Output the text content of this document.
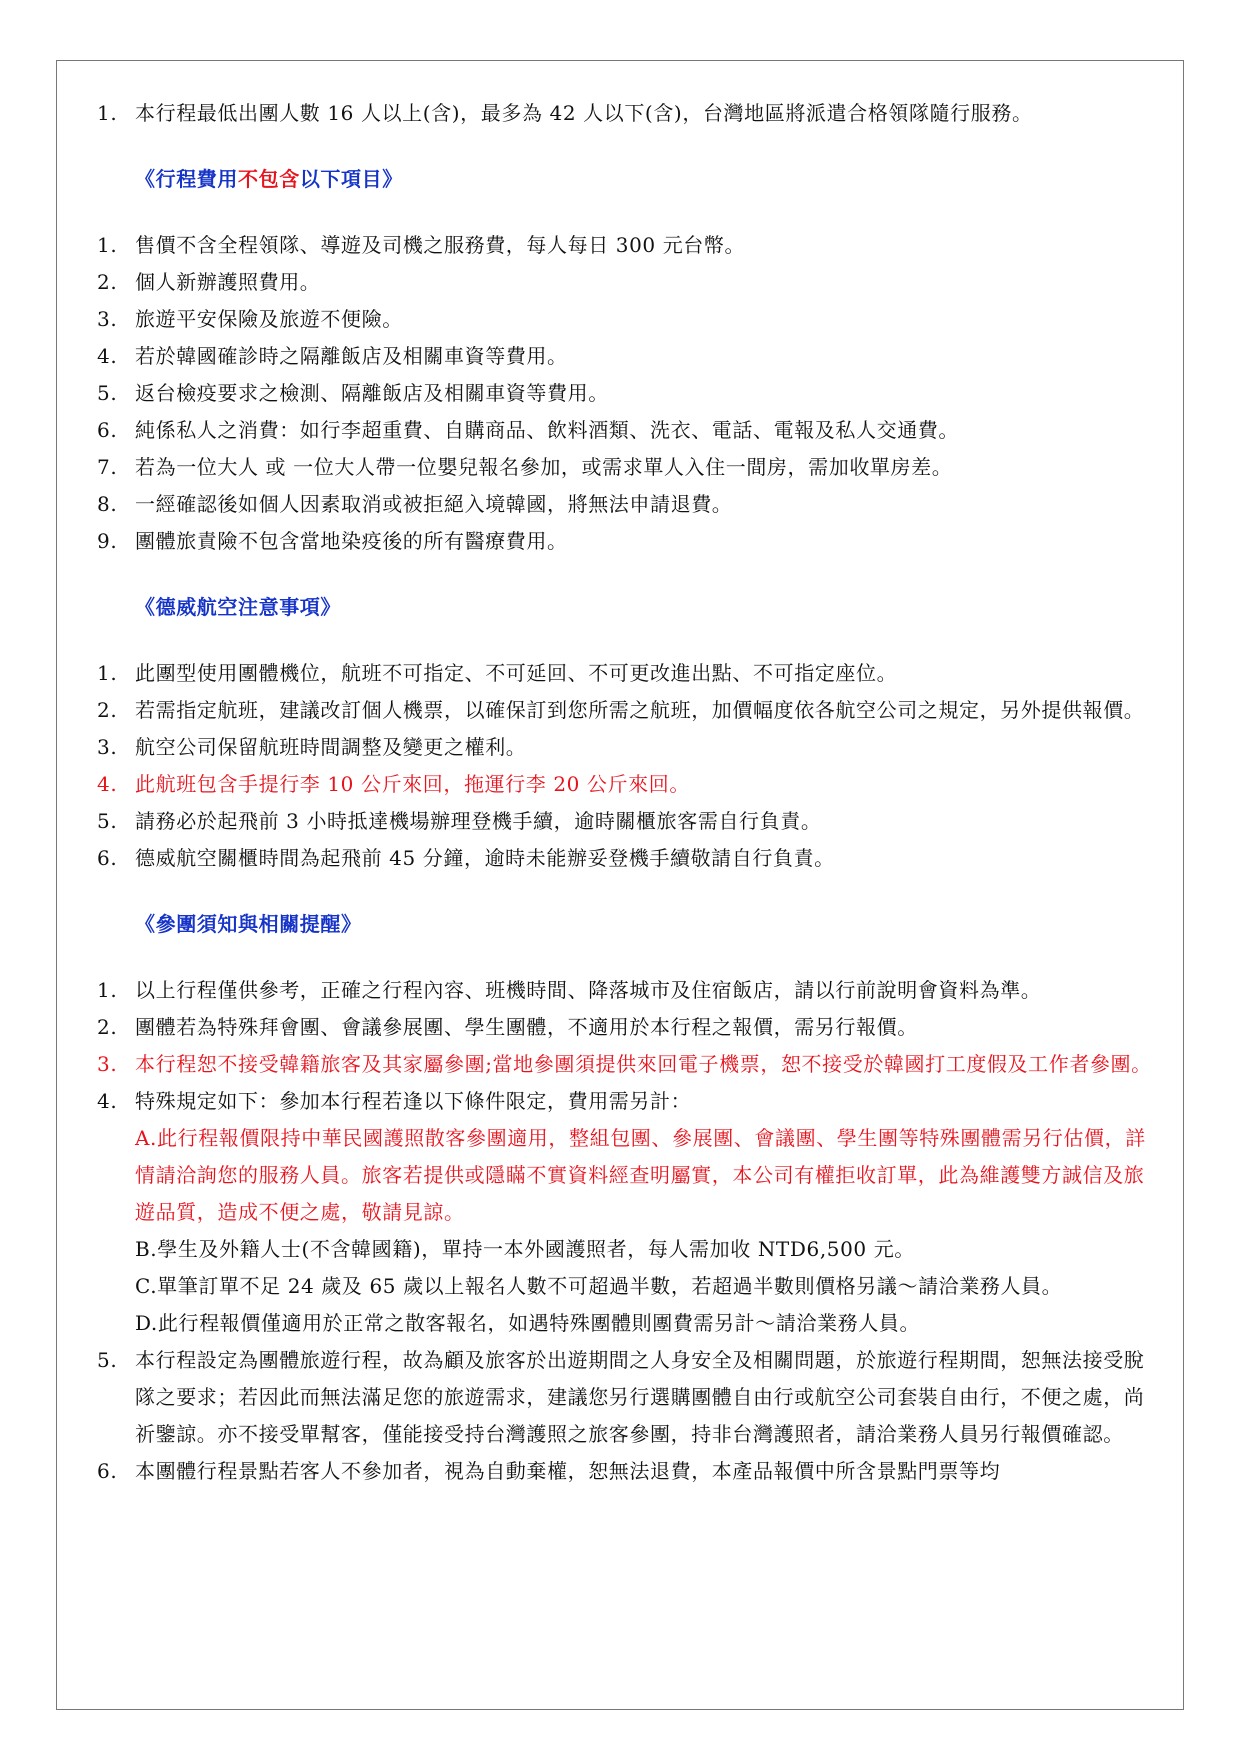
1. 本行程最低出團人數 16 人以上(含)，最多為 42 人以下(含)，台灣地區將派遣合格領隊隨行服務。
《行程費用不包含以下項目》
1. 售價不含全程領隊、導遊及司機之服務費，每人每日 300 元台幣。
2. 個人新辦護照費用。
3. 旅遊平安保險及旅遊不便險。
4. 若於韓國確診時之隔離飯店及相關車資等費用。
5. 返台檢疫要求之檢測、隔離飯店及相關車資等費用。
6. 純係私人之消費：如行李超重費、自購商品、飲料酒類、洗衣、電話、電報及私人交通費。
7. 若為一位大人 或 一位大人帶一位嬰兒報名參加，或需求單人入住一間房，需加收單房差。
8. 一經確認後如個人因素取消或被拒絕入境韓國，將無法申請退費。
9. 團體旅責險不包含當地染疫後的所有醫療費用。
《德威航空注意事項》
1. 此團型使用團體機位，航班不可指定、不可延回、不可更改進出點、不可指定座位。
2. 若需指定航班，建議改訂個人機票，以確保訂到您所需之航班，加價幅度依各航空公司之規定，另外提供報價。
3. 航空公司保留航班時間調整及變更之權利。
4. 此航班包含手提行李 10 公斤來回，拖運行李 20 公斤來回。
5. 請務必於起飛前 3 小時抵達機場辦理登機手續，逾時關櫃旅客需自行負責。
6. 德威航空關櫃時間為起飛前 45 分鐘，逾時未能辦妥登機手續敬請自行負責。
《參團須知與相關提醒》
1. 以上行程僅供參考，正確之行程內容、班機時間、降落城市及住宿飯店，請以行前說明會資料為準。
2. 團體若為特殊拜會團、會議參展團、學生團體，不適用於本行程之報價，需另行報價。
3. 本行程恕不接受韓籍旅客及其家屬參團;當地參團須提供來回電子機票，恕不接受於韓國打工度假及工作者參團。
4. 特殊規定如下：參加本行程若逢以下條件限定，費用需另計：
A.此行程報價限持中華民國護照散客參團適用，整組包團、參展團、會議團、學生團等特殊團體需另行估價，詳情請洽詢您的服務人員。旅客若提供或隱瞞不實資料經查明屬實，本公司有權拒收訂單，此為維護雙方誠信及旅遊品質，造成不便之處，敬請見諒。
B.學生及外籍人士(不含韓國籍)，單持一本外國護照者，每人需加收 NTD6,500 元。
C.單筆訂單不足 24 歲及 65 歲以上報名人數不可超過半數，若超過半數則價格另議～請洽業務人員。
D.此行程報價僅適用於正常之散客報名，如遇特殊團體則團費需另計～請洽業務人員。
5. 本行程設定為團體旅遊行程，故為顧及旅客於出遊期間之人身安全及相關問題，於旅遊行程期間，恕無法接受脫隊之要求；若因此而無法滿足您的旅遊需求，建議您另行選購團體自由行或航空公司套裝自由行，不便之處，尚祈鑒諒。亦不接受單幫客，僅能接受持台灣護照之旅客參團，持非台灣護照者，請洽業務人員另行報價確認。
6. 本團體行程景點若客人不參加者，視為自動棄權，恕無法退費，本產品報價中所含景點門票等均
